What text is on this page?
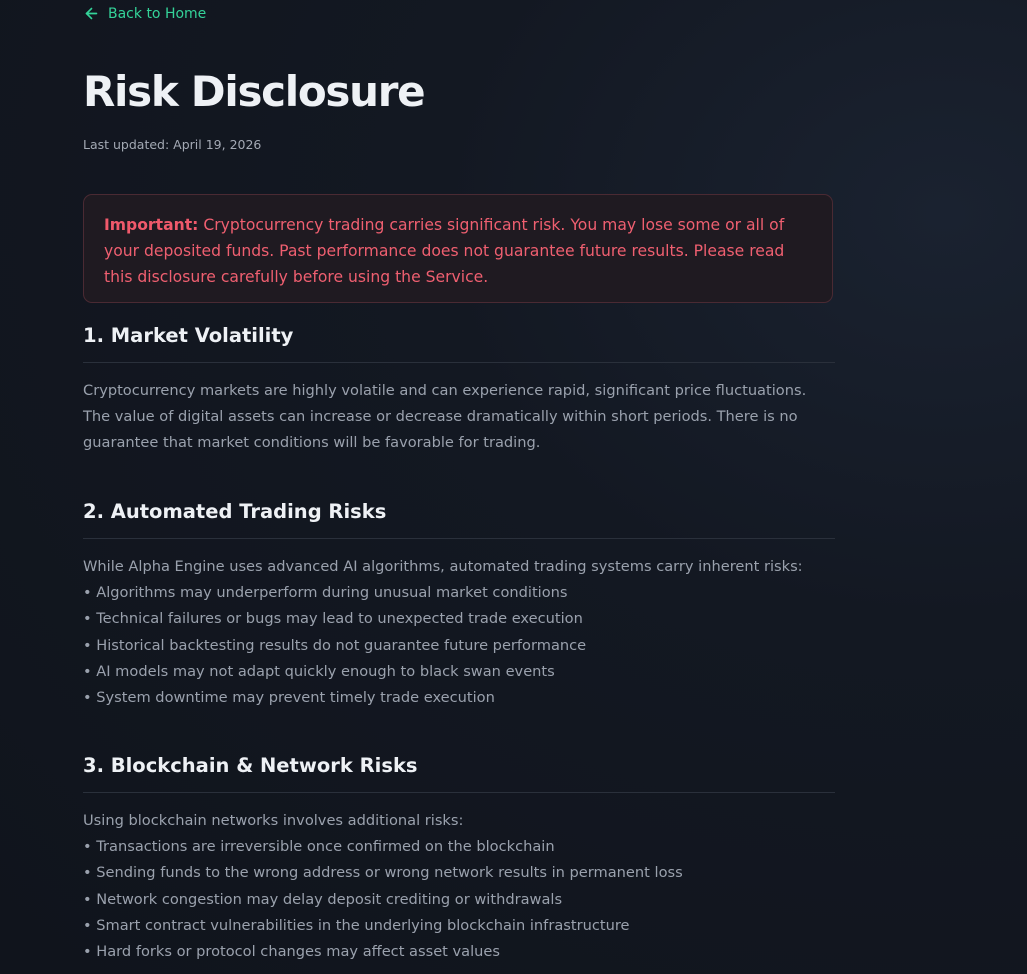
Back to Home
Risk Disclosure
Last updated: April 19, 2026
Important: Cryptocurrency trading carries significant risk. You may lose some or all of your deposited funds. Past performance does not guarantee future results. Please read this disclosure carefully before using the Service.
1. Market Volatility

Cryptocurrency markets are highly volatile and can experience rapid, significant price fluctuations. The value of digital assets can increase or decrease dramatically within short periods. There is no guarantee that market conditions will be favorable for trading.

2. Automated Trading Risks

While Alpha Engine uses advanced AI algorithms, automated trading systems carry inherent risks:

• Algorithms may underperform during unusual market conditions
• Technical failures or bugs may lead to unexpected trade execution
• Historical backtesting results do not guarantee future performance
• AI models may not adapt quickly enough to black swan events
• System downtime may prevent timely trade execution
3. Blockchain & Network Risks

Using blockchain networks involves additional risks:

• Transactions are irreversible once confirmed on the blockchain
• Sending funds to the wrong address or wrong network results in permanent loss
• Network congestion may delay deposit crediting or withdrawals
• Smart contract vulnerabilities in the underlying blockchain infrastructure
• Hard forks or protocol changes may affect asset values
